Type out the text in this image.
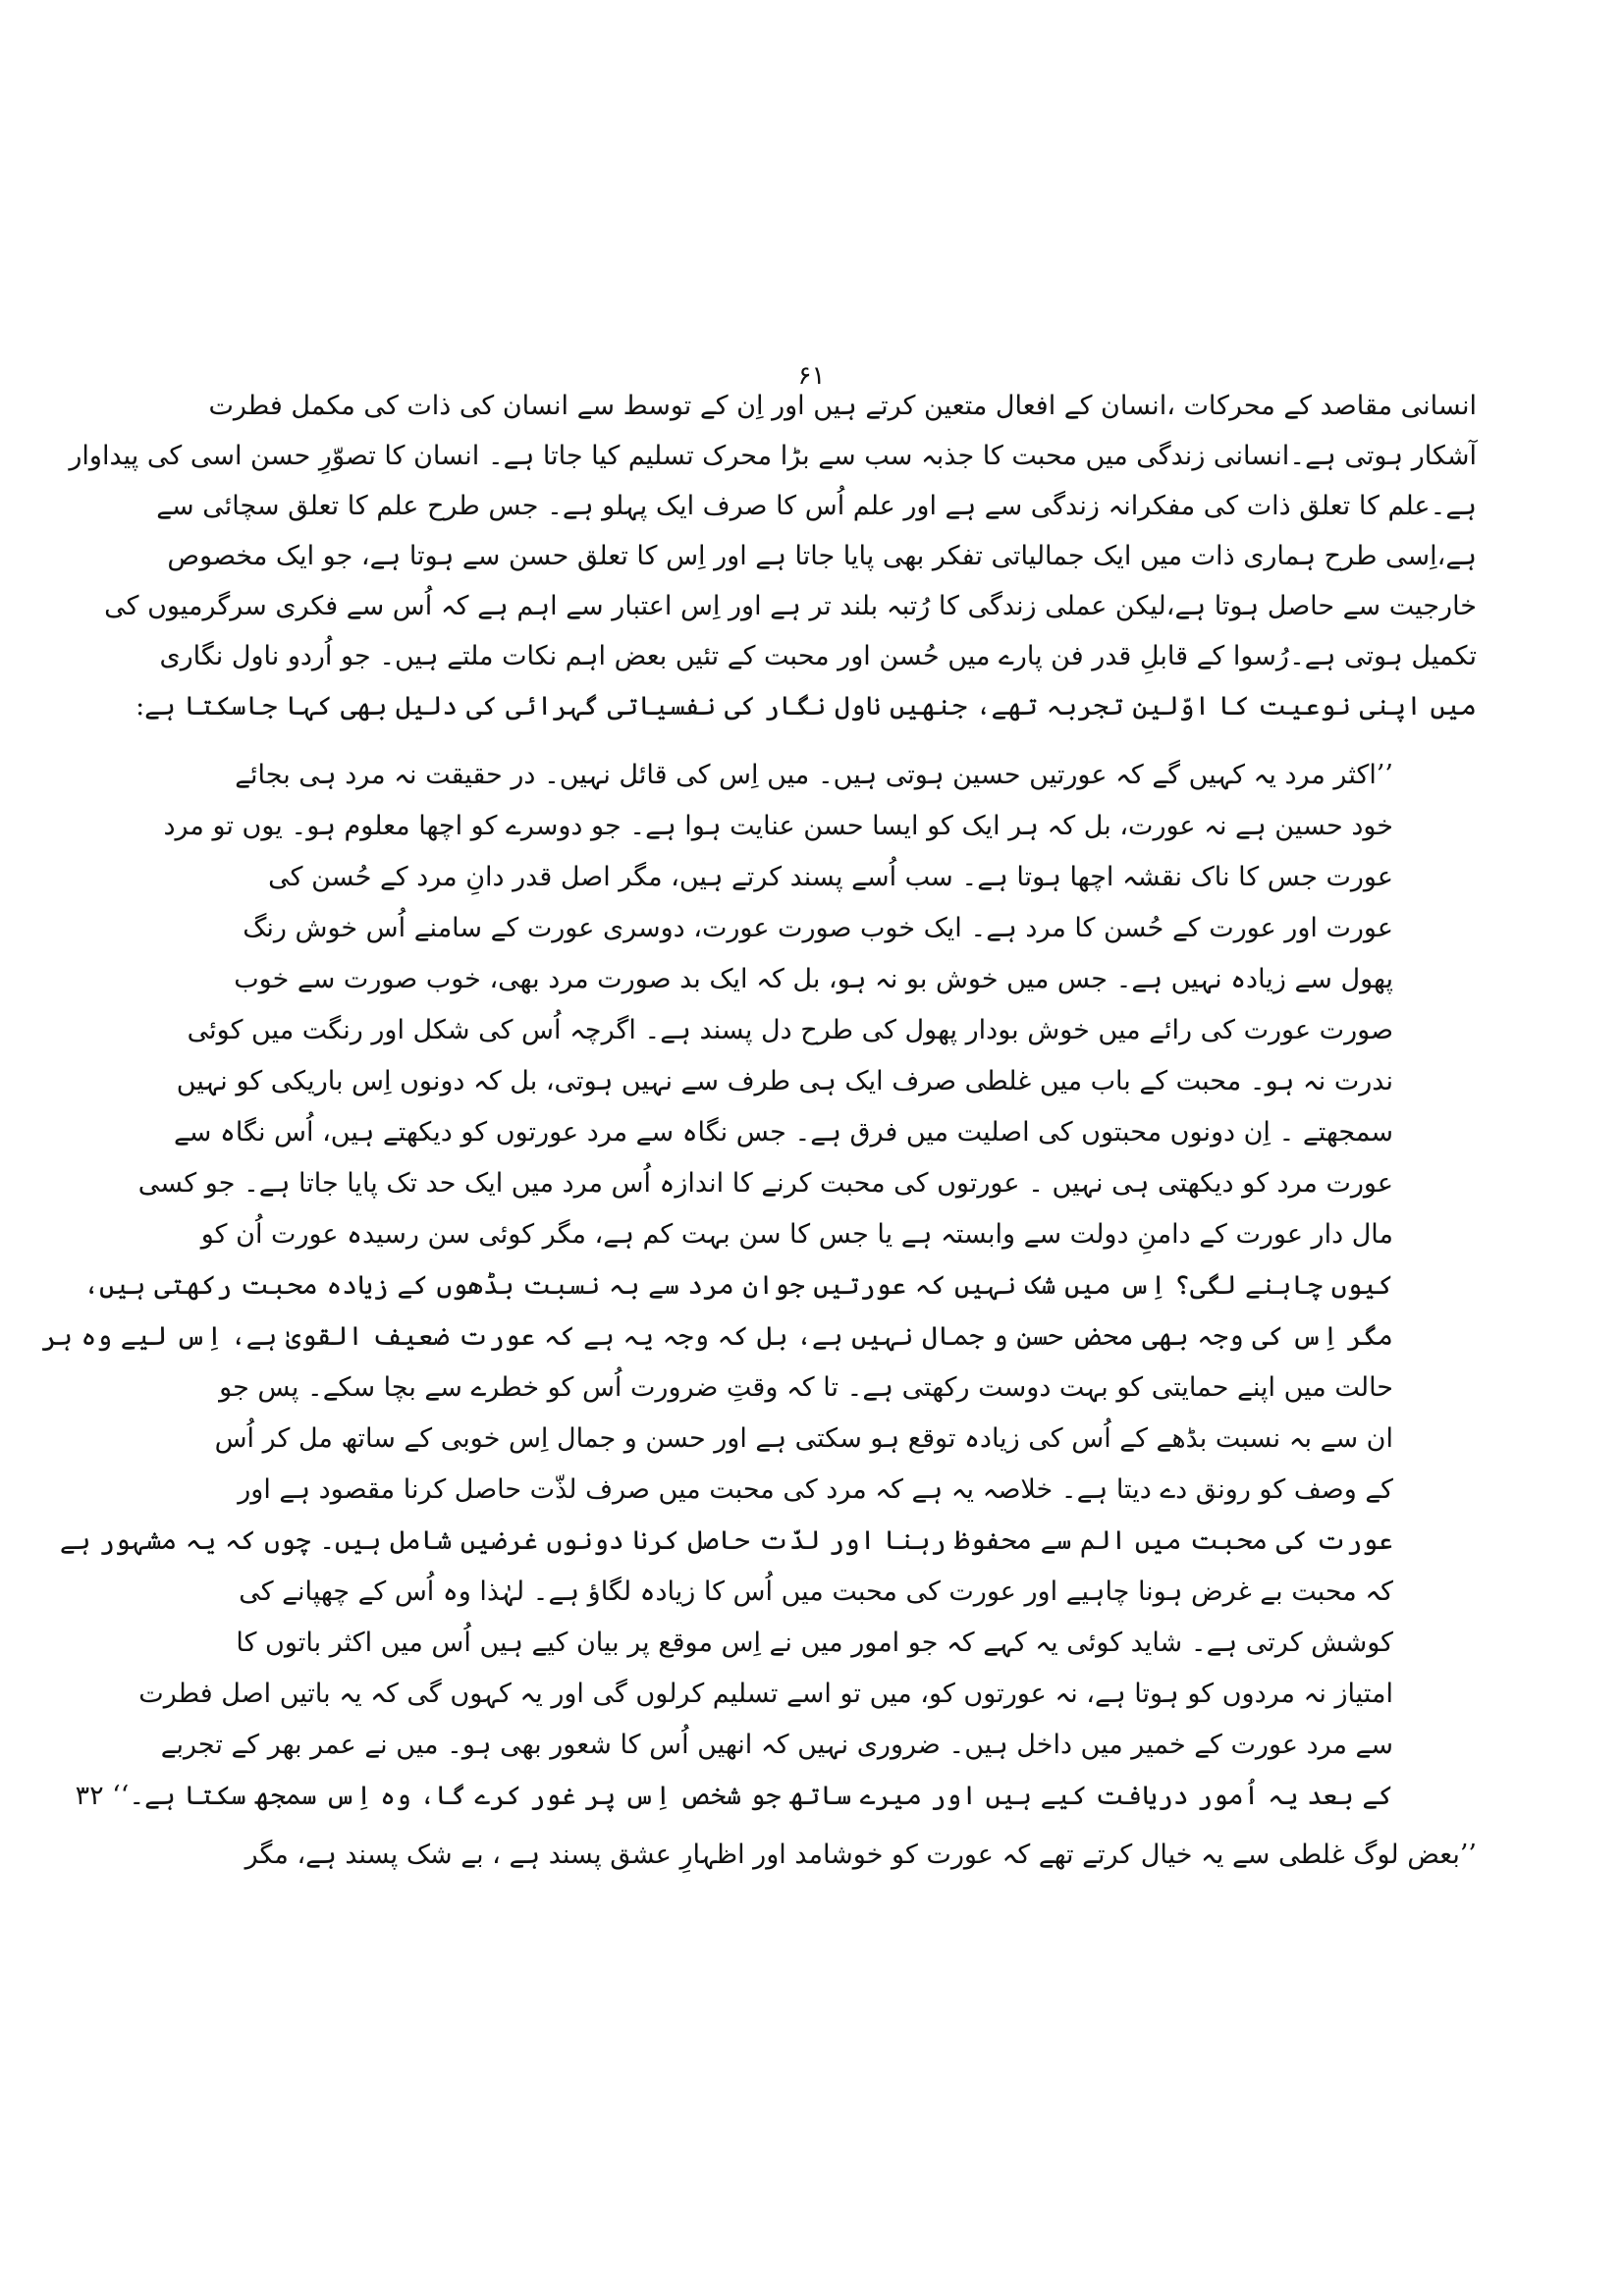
۶۱
انسانی مقاصد کے محرکات ،انسان کے افعال متعین کرتے ہیں اور اِن کے توسط سے انسان کی ذات کی مکمل فطرت
آشکار ہوتی ہے۔انسانی زندگی میں محبت کا جذبہ سب سے بڑا محرک تسلیم کیا جاتا ہے۔ انسان کا تصوّرِ حسن اسی کی پیداوار
ہے۔علم کا تعلق ذات کی مفکرانہ زندگی سے ہے اور علم اُس کا صرف ایک پہلو ہے۔ جس طرح علم کا تعلق سچائی سے
ہے،اِسی طرح ہماری ذات میں ایک جمالیاتی تفکر بھی پایا جاتا ہے اور اِس کا تعلق حسن سے ہوتا ہے، جو ایک مخصوص
خارجیت سے حاصل ہوتا ہے،لیکن عملی زندگی کا رُتبہ بلند تر ہے اور اِس اعتبار سے اہم ہے کہ اُس سے فکری سرگرمیوں کی
تکمیل ہوتی ہے۔رُسوا کے قابلِ قدر فن پارے میں حُسن اور محبت کے تئیں بعض اہم نکات ملتے ہیں۔ جو اُردو ناول نگاری
میں اپنی نوعیت کا اوّلین تجربہ تھے، جنھیں ناول نگار کی نفسیاتی گہرائی کی دلیل بھی کہا جاسکتا ہے:
’’اکثر مرد یہ کہیں گے کہ عورتیں حسین ہوتی ہیں۔ میں اِس کی قائل نہیں۔ در حقیقت نہ مرد ہی بجائے
خود حسین ہے نہ عورت، بل کہ ہر ایک کو ایسا حسن عنایت ہوا ہے۔ جو دوسرے کو اچھا معلوم ہو۔ یوں تو مرد
عورت جس کا ناک نقشہ اچھا ہوتا ہے۔ سب اُسے پسند کرتے ہیں، مگر اصل قدر دانِ مرد کے حُسن کی
عورت اور عورت کے حُسن کا مرد ہے۔ ایک خوب صورت عورت، دوسری عورت کے سامنے اُس خوش رنگ
پھول سے زیادہ نہیں ہے۔ جس میں خوش بو نہ ہو، بل کہ ایک بد صورت مرد بھی، خوب صورت سے خوب
صورت عورت کی رائے میں خوش بودار پھول کی طرح دل پسند ہے۔ اگرچہ اُس کی شکل اور رنگت میں کوئی
ندرت نہ ہو۔ محبت کے باب میں غلطی صرف ایک ہی طرف سے نہیں ہوتی، بل کہ دونوں اِس باریکی کو نہیں
سمجھتے ۔ اِن دونوں محبتوں کی اصلیت میں فرق ہے۔ جس نگاہ سے مرد عورتوں کو دیکھتے ہیں، اُس نگاہ سے
عورت مرد کو دیکھتی ہی نہیں ۔ عورتوں کی محبت کرنے کا اندازہ اُس مرد میں ایک حد تک پایا جاتا ہے۔ جو کسی
مال دار عورت کے دامنِ دولت سے وابستہ ہے یا جس کا سن بہت کم ہے، مگر کوئی سن رسیدہ عورت اُن کو
کیوں چاہنے لگی؟ اِس میں شک نہیں کہ عورتیں جوان مرد سے بہ نسبت بڈھوں کے زیادہ محبت رکھتی ہیں،
مگر اِس کی وجہ بھی محض حسن و جمال نہیں ہے، بل کہ وجہ یہ ہے کہ عورت ضعیف القویٰ ہے، اِس لیے وہ ہر
حالت میں اپنے حمایتی کو بہت دوست رکھتی ہے۔ تا کہ وقتِ ضرورت اُس کو خطرے سے بچا سکے۔ پس جو
ان سے بہ نسبت بڈھے کے اُس کی زیادہ توقع ہو سکتی ہے اور حسن و جمال اِس خوبی کے ساتھ مل کر اُس
کے وصف کو رونق دے دیتا ہے۔ خلاصہ یہ ہے کہ مرد کی محبت میں صرف لذّت حاصل کرنا مقصود ہے اور
عورت کی محبت میں الم سے محفوظ رہنا اور لذّت حاصل کرنا دونوں غرضیں شامل ہیں۔ چوں کہ یہ مشہور ہے
کہ محبت بے غرض ہونا چاہیے اور عورت کی محبت میں اُس کا زیادہ لگاؤ ہے۔ لہٰذا وہ اُس کے چھپانے کی
کوشش کرتی ہے۔ شاید کوئی یہ کہے کہ جو امور میں نے اِس موقع پر بیان کیے ہیں اُس میں اکثر باتوں کا
امتیاز نہ مردوں کو ہوتا ہے، نہ عورتوں کو، میں تو اسے تسلیم کرلوں گی اور یہ کہوں گی کہ یہ باتیں اصل فطرت
سے مرد عورت کے خمیر میں داخل ہیں۔ ضروری نہیں کہ انھیں اُس کا شعور بھی ہو۔ میں نے عمر بھر کے تجربے
کے بعد یہ اُمور دریافت کیے ہیں اور میرے ساتھ جو شخص اِس پر غور کرے گا، وہ اِس سمجھ سکتا ہے۔‘‘ ۳۲
’’بعض لوگ غلطی سے یہ خیال کرتے تھے کہ عورت کو خوشامد اور اظہارِ عشق پسند ہے ، بے شک پسند ہے، مگر
